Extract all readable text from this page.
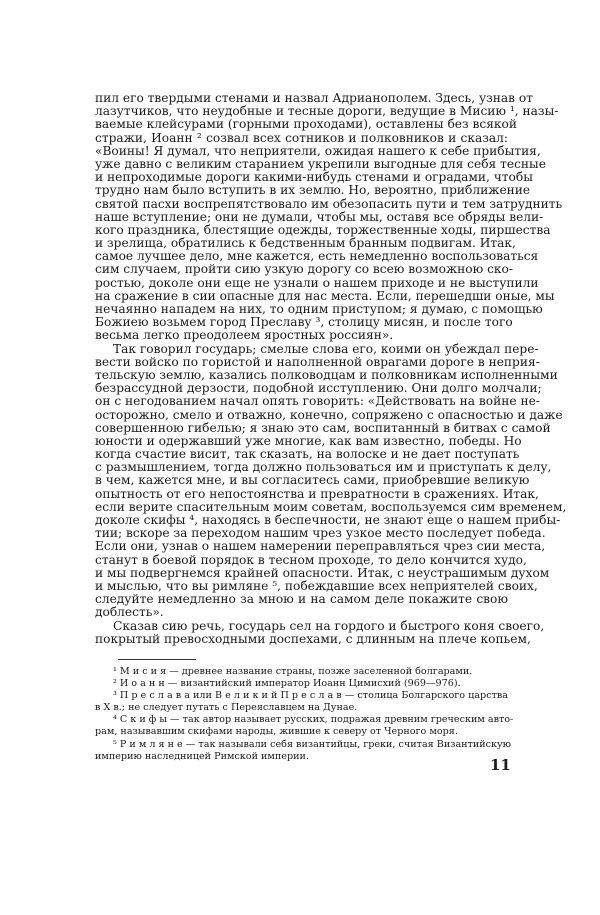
пил его твердыми стенами и назвал Адрианополем. Здесь, узнав от
лазутчиков, что неудобные и тесные дороги, ведущие в Мисию ¹, назы-
ваемые клейсурами (горными проходами), оставлены без всякой
стражи, Иоанн ² созвал всех сотников и полковников и сказал:
«Воины! Я думал, что неприятели, ожидая нашего к себе прибытия,
уже давно с великим старанием укрепили выгодные для себя тесные
и непроходимые дороги какими-нибудь стенами и оградами, чтобы
трудно нам было вступить в их землю. Но, вероятно, приближение
святой пасхи воспрепятствовало им обезопасить пути и тем затруднить
наше вступление; они не думали, чтобы мы, оставя все обряды вели-
кого праздника, блестящие одежды, торжественные ходы, пиршества
и зрелища, обратились к бедственным бранным подвигам. Итак,
самое лучшее дело, мне кажется, есть немедленно воспользоваться
сим случаем, пройти сию узкую дорогу со всею возможною ско-
ростью, доколе они еще не узнали о нашем приходе и не выступили
на сражение в сии опасные для нас места. Если, перешедши оные, мы
нечаянно нападем на них, то одним приступом; я думаю, с помощью
Божиею возьмем город Преславу ³, столицу мисян, и после того
весьма легко преодолеем яростных россиян».
Так говорил государь; смелые слова его, коими он убеждал пере-
вести войско по гористой и наполненной оврагами дороге в неприя-
тельскую землю, казались полководцам и полковникам исполненными
безрассудной дерзости, подобной исступлению. Они долго молчали;
он с негодованием начал опять говорить: «Действовать на войне не-
осторожно, смело и отважно, конечно, сопряжено с опасностью и даже
совершенною гибелью; я знаю это сам, воспитанный в битвах с самой
юности и одержавший уже многие, как вам известно, победы. Но
когда счастие висит, так сказать, на волоске и не дает поступать
с размышлением, тогда должно пользоваться им и приступать к делу,
в чем, кажется мне, и вы согласитесь сами, приобревшие великую
опытность от его непостоянства и превратности в сражениях. Итак,
если верите спасительным моим советам, воспользуемся сим временем,
доколе скифы ⁴, находясь в беспечности, не знают еще о нашем прибы-
тии; вскоре за переходом нашим чрез узкое место последует победа.
Если они, узнав о нашем намерении переправляться чрез сии места,
станут в боевой порядок в тесном проходе, то дело кончится худо,
и мы подвергнемся крайней опасности. Итак, с неустрашимым духом
и мыслью, что вы римляне ⁵, побеждавшие всех неприятелей своих,
следуйте немедленно за мною и на самом деле покажите свою
доблесть».
Сказав сию речь, государь сел на гордого и быстрого коня своего,
покрытый превосходными доспехами, с длинным на плече копьем,
¹ М и с и я — древнее название страны, позже заселенной болгарами.
² И о а н н — византийский император Иоанн Цимисхий (969—976).
³ П р е с л а в а или В е л и к и й П р е с л а в — столица Болгарского царства
в X в.; не следует путать с Переяславцем на Дунае.
⁴ С к и ф ы — так автор называет русских, подражая древним греческим авто-
рам, называвшим скифами народы, жившие к северу от Черного моря.
⁵ Р и м л я н е — так называли себя византийцы, греки, считая Византийскую
империю наследницей Римской империи.	11
